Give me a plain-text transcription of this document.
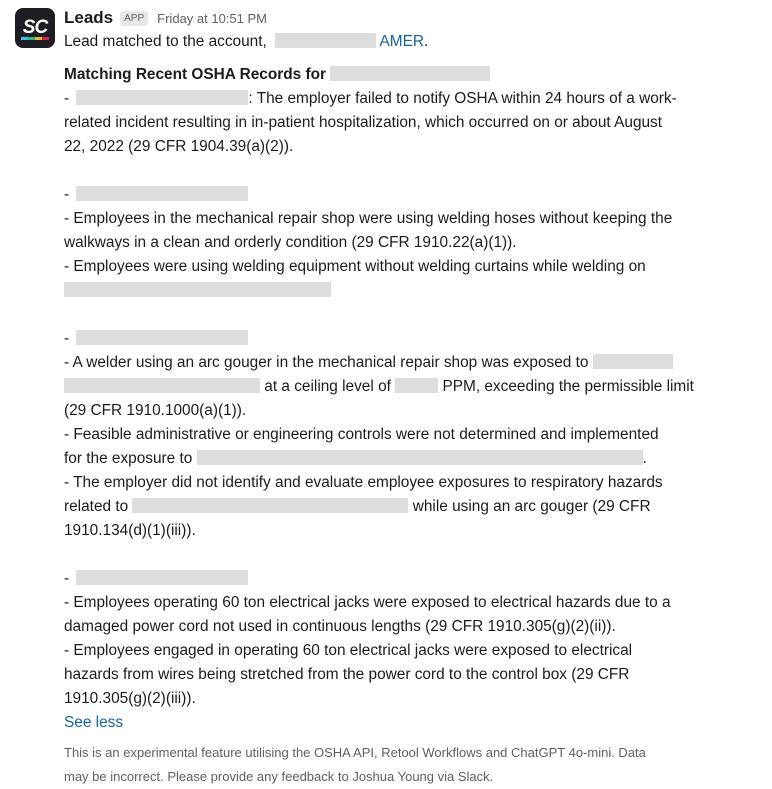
SC Leads	APP	Friday at 10:51 PM
Lead matched to the account,	AMER.
Matching Recent OSHA Records for
-	: The employer failed to notify OSHA within 24 hours of a work-
related incident resulting in in-patient hospitalization, which occurred on or about August
22, 2022 (29 CFR 1904.39(a)(2)).
-
- Employees in the mechanical repair shop were using welding hoses without keeping the
walkways in a clean and orderly condition (29 CFR 1910.22(a)(1)).
- Employees were using welding equipment without welding curtains while welding on
-
- A welder using an arc gouger in the mechanical repair shop was exposed to
at a ceiling level of	PPM, exceeding the permissible limit
(29 CFR 1910.1000(a)(1)).
- Feasible administrative or engineering controls were not determined and implemented
for the exposure to	.
- The employer did not identify and evaluate employee exposures to respiratory hazards
related to	while using an arc gouger (29 CFR
1910.134(d)(1)(iii)).
-
- Employees operating 60 ton electrical jacks were exposed to electrical hazards due to a
damaged power cord not used in continuous lengths (29 CFR 1910.305(g)(2)(ii)).
- Employees engaged in operating 60 ton electrical jacks were exposed to electrical
hazards from wires being stretched from the power cord to the control box (29 CFR
1910.305(g)(2)(iii)).
See less
This is an experimental feature utilising the OSHA API, Retool Workflows and ChatGPT 4o-mini. Data
may be incorrect. Please provide any feedback to Joshua Young via Slack.
